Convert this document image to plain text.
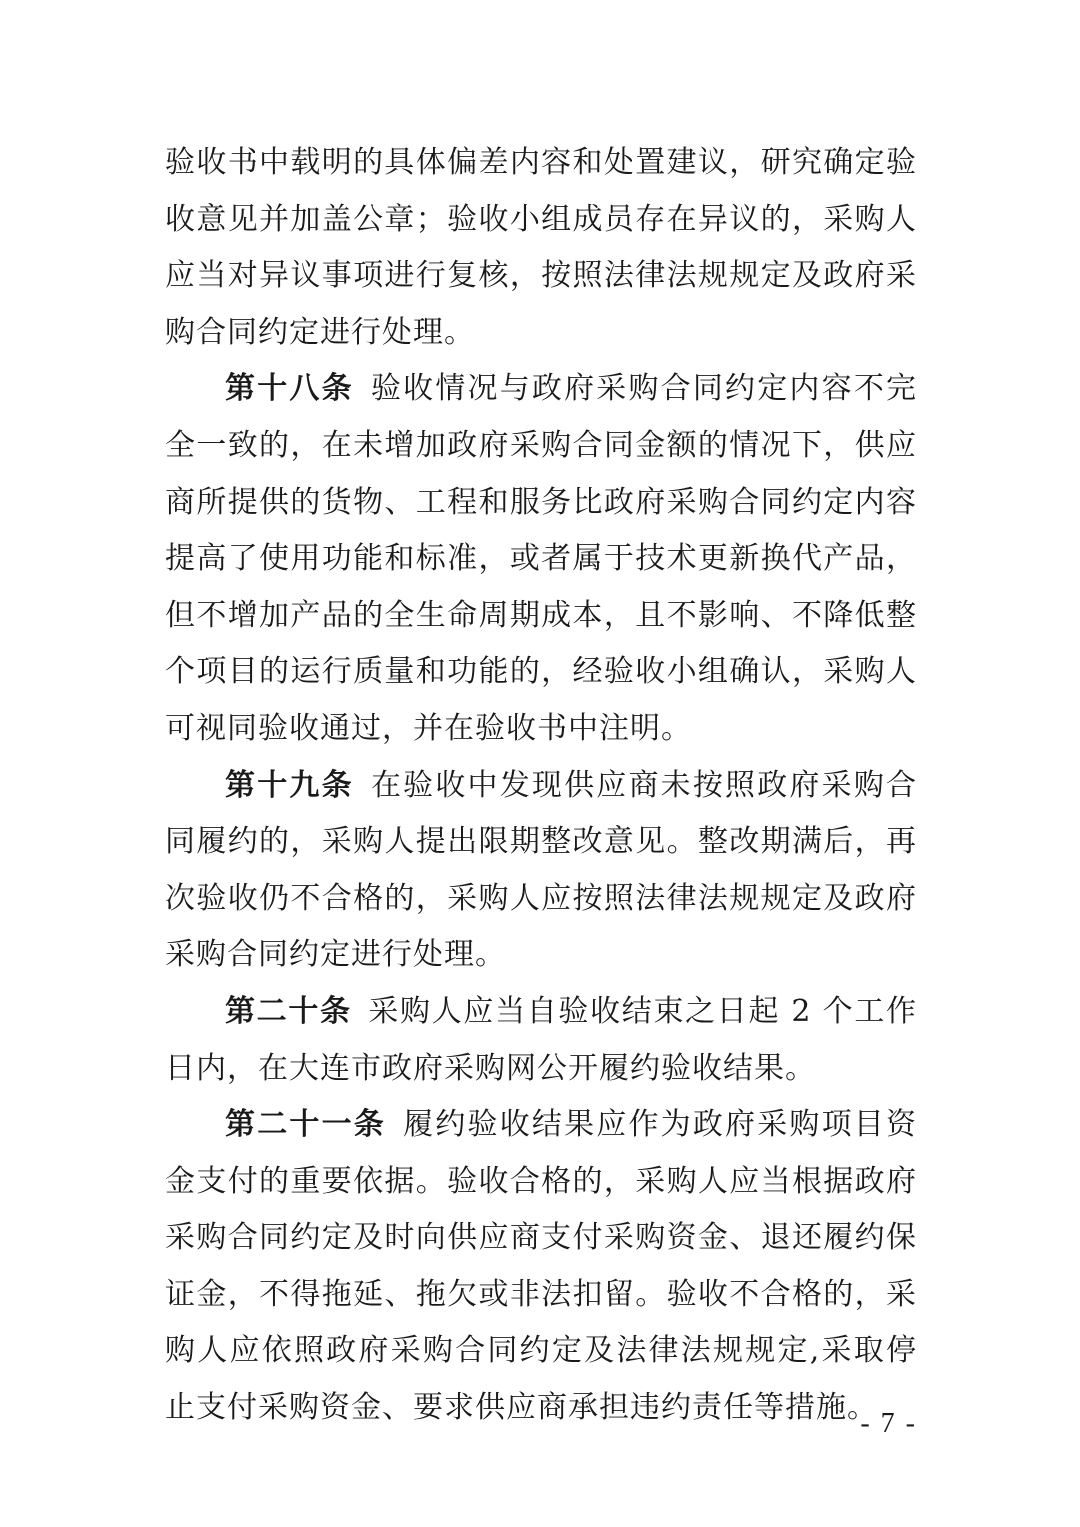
验收书中载明的具体偏差内容和处置建议，研究确定验收意见并加盖公章；验收小组成员存在异议的，采购人应当对异议事项进行复核，按照法律法规规定及政府采购合同约定进行处理。

第十八条  验收情况与政府采购合同约定内容不完全一致的，在未增加政府采购合同金额的情况下，供应商所提供的货物、工程和服务比政府采购合同约定内容提高了使用功能和标准，或者属于技术更新换代产品，但不增加产品的全生命周期成本，且不影响、不降低整个项目的运行质量和功能的，经验收小组确认，采购人可视同验收通过，并在验收书中注明。

第十九条  在验收中发现供应商未按照政府采购合同履约的，采购人提出限期整改意见。整改期满后，再次验收仍不合格的，采购人应按照法律法规规定及政府采购合同约定进行处理。

第二十条  采购人应当自验收结束之日起 2 个工作日内，在大连市政府采购网公开履约验收结果。

第二十一条  履约验收结果应作为政府采购项目资金支付的重要依据。验收合格的，采购人应当根据政府采购合同约定及时向供应商支付采购资金、退还履约保证金，不得拖延、拖欠或非法扣留。验收不合格的，采购人应依照政府采购合同约定及法律法规规定,采取停止支付采购资金、要求供应商承担违约责任等措施。

- 7 -
